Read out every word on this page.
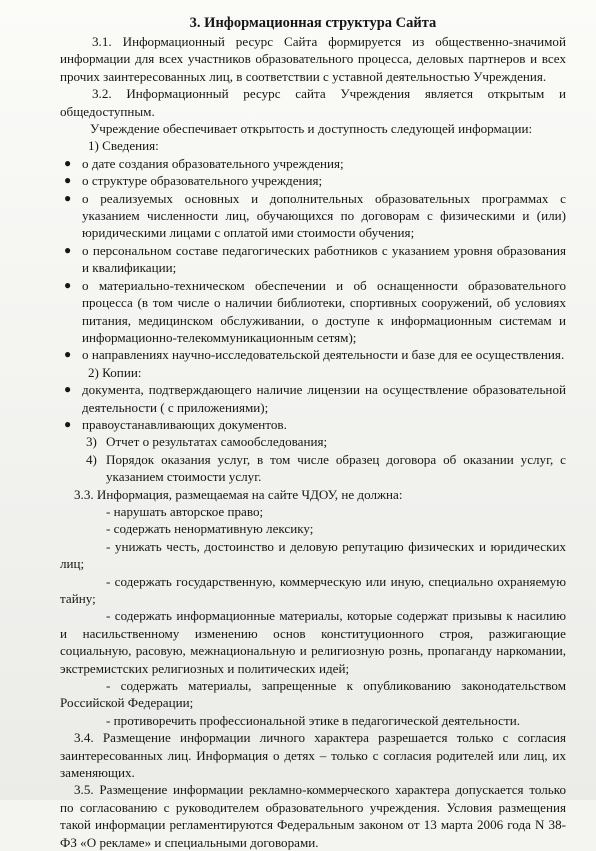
3. Информационная структура Сайта

3.1. Информационный ресурс Сайта формируется из общественно-значимой информации для всех участников образовательного процесса, деловых партнеров и всех прочих заинтересованных лиц, в соответствии с уставной деятельностью Учреждения.

3.2. Информационный ресурс сайта Учреждения является открытым и общедоступным.

Учреждение обеспечивает открытость и доступность следующей информации:

1) Сведения:

● о дате создания образовательного учреждения;
● о структуре образовательного учреждения;
● о реализуемых основных и дополнительных образовательных программах с указанием численности лиц, обучающихся по договорам с физическими и (или) юридическими лицами с оплатой ими стоимости обучения;
● о персональном составе педагогических работников с указанием уровня образования и квалификации;
● о материально-техническом обеспечении и об оснащенности образовательного процесса (в том числе о наличии библиотеки, спортивных сооружений, об условиях питания, медицинском обслуживании, о доступе к информационным системам и информационно-телекоммуникационным сетям);
● о направлениях научно-исследовательской деятельности и базе для ее осуществления.

2) Копии:

● документа, подтверждающего наличие лицензии на осуществление образовательной деятельности ( с приложениями);
● правоустанавливающих документов.
3) Отчет о результатах самообследования;
4) Порядок оказания услуг, в том числе образец договора об оказании услуг, с указанием стоимости услуг.

3.3. Информация, размещаемая на сайте ЧДОУ, не должна:

- нарушать авторское право;
- содержать ненормативную лексику;
- унижать честь, достоинство и деловую репутацию физических и юридических лиц;
- содержать государственную, коммерческую или иную, специально охраняемую тайну;
- содержать информационные материалы, которые содержат призывы к насилию и насильственному изменению основ конституционного строя, разжигающие социальную, расовую, межнациональную и религиозную рознь, пропаганду наркомании, экстремистских религиозных и политических идей;
- содержать материалы, запрещенные к опубликованию законодательством Российской Федерации;
- противоречить профессиональной этике в педагогической деятельности.

3.4. Размещение информации личного характера разрешается только с согласия заинтересованных лиц. Информация о детях – только с согласия родителей или лиц, их заменяющих.

3.5. Размещение информации рекламно-коммерческого характера допускается только по согласованию с руководителем образовательного учреждения. Условия размещения такой информации регламентируются Федеральным законом от 13 марта 2006 года N 38-ФЗ «О рекламе» и специальными договорами.
